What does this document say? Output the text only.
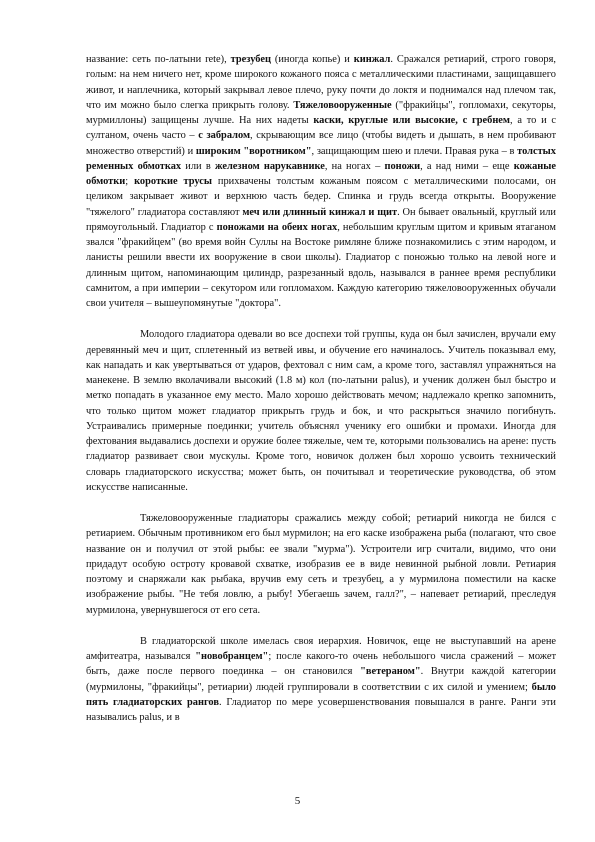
название: сеть по-латыни rete), трезубец (иногда копье) и кинжал. Сражался ретиарий, строго говоря, голым: на нем ничего нет, кроме широкого кожаного пояса с металлическими пластинами, защищавшего живот, и наплечника, который закрывал левое плечо, руку почти до локтя и поднимался над плечом так, что им можно было слегка прикрыть голову. Тяжеловооруженные ("фракийцы", гопломахи, секуторы, мурмиллоны) защищены лучше. На них надеты каски, круглые или высокие, с гребнем, а то и с султаном, очень часто – с забралом, скрывающим все лицо (чтобы видеть и дышать, в нем пробивают множество отверстий) и широким "воротником", защищающим шею и плечи. Правая рука – в толстых ременных обмотках или в железном нарукавнике, на ногах – поножи, а над ними – еще кожаные обмотки; короткие трусы прихвачены толстым кожаным поясом с металлическими полосами, он целиком закрывает живот и верхнюю часть бедер. Спинка и грудь всегда открыты. Вооружение "тяжелого" гладиатора составляют меч или длинный кинжал и щит. Он бывает овальный, круглый или прямоугольный. Гладиатор с поножами на обеих ногах, небольшим круглым щитом и кривым ятаганом звался "фракийцем" (во время войн Суллы на Востоке римляне ближе познакомились с этим народом, и ланисты решили ввести их вооружение в свои школы). Гладиатор с поножью только на левой ноге и длинным щитом, напоминающим цилиндр, разрезанный вдоль, назывался в раннее время республики самнитом, а при империи – секутором или гопломахом. Каждую категорию тяжеловооруженных обучали свои учителя – вышеупомянутые "доктора".

Молодого гладиатора одевали во все доспехи той группы, куда он был зачислен, вручали ему деревянный меч и щит, сплетенный из ветвей ивы, и обучение его начиналось. Учитель показывал ему, как нападать и как увертываться от ударов, фехтовал с ним сам, а кроме того, заставлял упражняться на манекене. В землю вколачивали высокий (1.8 м) кол (по-латыни palus), и ученик должен был быстро и метко попадать в указанное ему место. Мало хорошо действовать мечом; надлежало крепко запомнить, что только щитом может гладиатор прикрыть грудь и бок, и что раскрыться значило погибнуть. Устраивались примерные поединки; учитель объяснял ученику его ошибки и промахи. Иногда для фехтования выдавались доспехи и оружие более тяжелые, чем те, которыми пользовались на арене: пусть гладиатор развивает свои мускулы. Кроме того, новичок должен был хорошо усвоить технический словарь гладиаторского искусства; может быть, он почитывал и теоретические руководства, об этом искусстве написанные.

Тяжеловооруженные гладиаторы сражались между собой; ретиарий никогда не бился с ретиарием. Обычным противником его был мурмилон; на его каске изображена рыба (полагают, что свое название он и получил от этой рыбы: ее звали "мурма"). Устроители игр считали, видимо, что они придадут особую остроту кровавой схватке, изобразив ее в виде невинной рыбной ловли. Ретиария поэтому и снаряжали как рыбака, вручив ему сеть и трезубец, а у мурмилона поместили на каске изображение рыбы. "Не тебя ловлю, а рыбу! Убегаешь зачем, галл?", – напевает ретиарий, преследуя мурмилона, увернувшегося от его сета.

В гладиаторской школе имелась своя иерархия. Новичок, еще не выступавший на арене амфитеатра, назывался "новобранцем"; после какого-то очень небольшого числа сражений – может быть, даже после первого поединка – он становился "ветераном". Внутри каждой категории (мурмилоны, "фракийцы", ретиарии) людей группировали в соответствии с их силой и умением; было пять гладиаторских рангов. Гладиатор по мере усовершенствования повышался в ранге. Ранги эти назывались palus, и в

5
